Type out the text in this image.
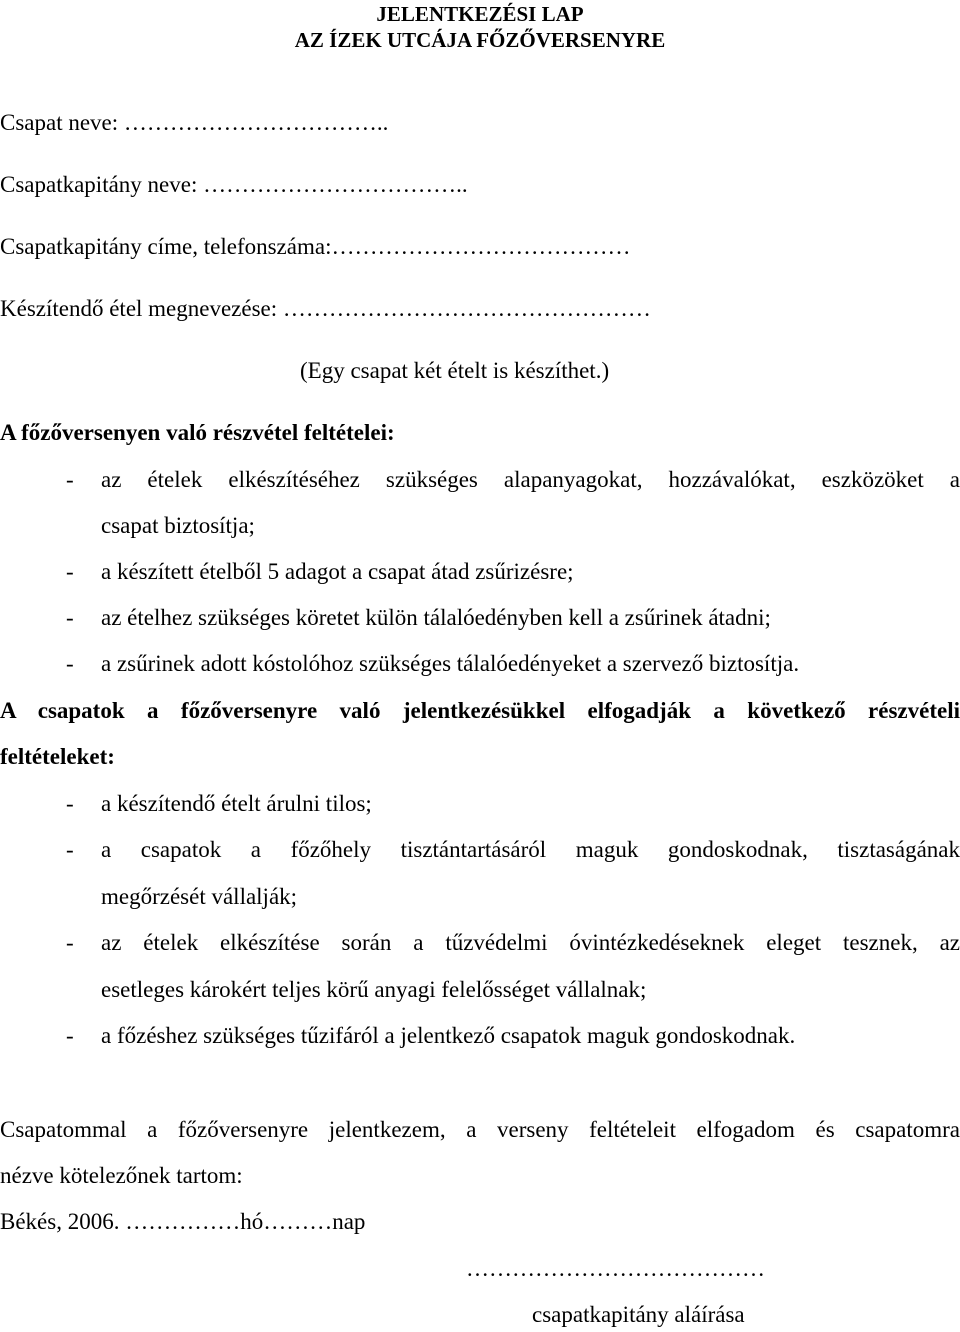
JELENTKEZÉSI LAP
AZ ÍZEK UTCÁJA FŐZŐVERSENYRE
Csapat neve: ……………………………..
Csapatkapitány neve: ……………………………..
Csapatkapitány címe, telefonszáma:…………………………………
Készítendő étel megnevezése: …………………………………………
(Egy csapat két ételt is készíthet.)
A főzőversenyen való részvétel feltételei:
- az ételek elkészítéséhez szükséges alapanyagokat, hozzávalókat, eszközöket a
csapat biztosítja;
- a készített ételből 5 adagot a csapat átad zsűrizésre;
- az ételhez szükséges köretet külön tálalóedényben kell a zsűrinek átadni;
- a zsűrinek adott kóstolóhoz szükséges tálalóedényeket a szervező biztosítja.
A csapatok a főzőversenyre való jelentkezésükkel elfogadják a következő részvételi
feltételeket:
- a készítendő ételt árulni tilos;
- a csapatok a főzőhely tisztántartásáról maguk gondoskodnak, tisztaságának
megőrzését vállalják;
- az ételek elkészítése során a tűzvédelmi óvintézkedéseknek eleget tesznek, az
esetleges károkért teljes körű anyagi felelősséget vállalnak;
- a főzéshez szükséges tűzifáról a jelentkező csapatok maguk gondoskodnak.
Csapatommal a főzőversenyre jelentkezem, a verseny feltételeit elfogadom és csapatomra
nézve kötelezőnek tartom:
Békés, 2006. ……………hó………nap
…………………………………
csapatkapitány aláírása
